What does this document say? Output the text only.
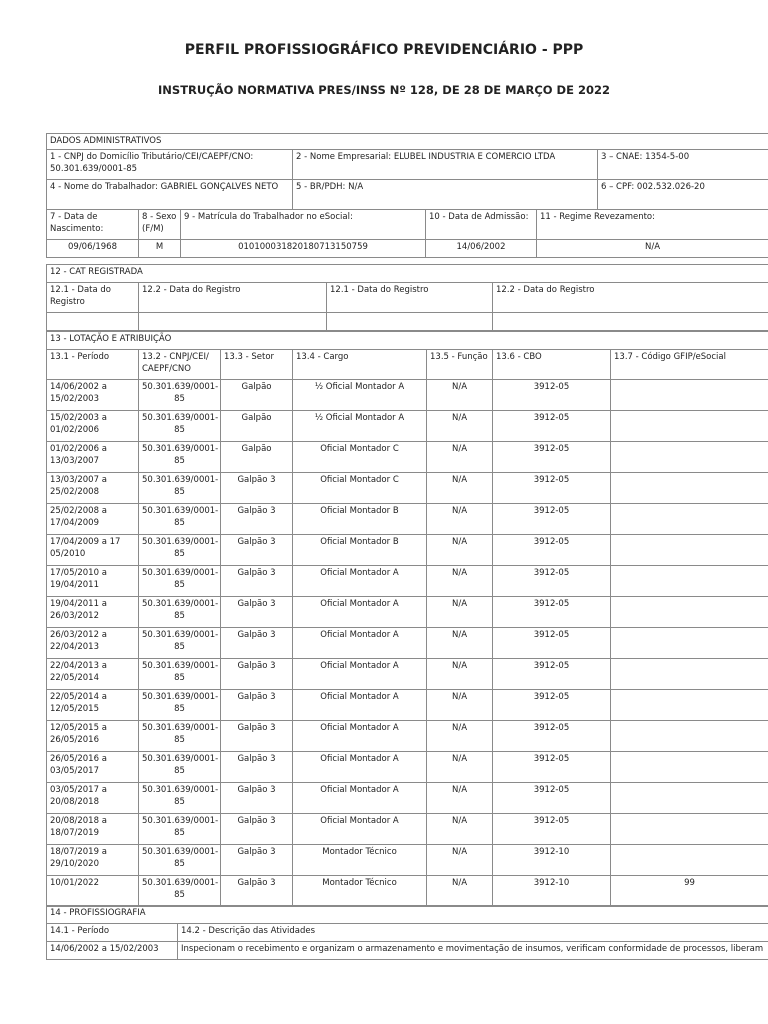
PERFIL PROFISSIOGRÁFICO PREVIDENCIÁRIO - PPP
INSTRUÇÃO NORMATIVA PRES/INSS Nº 128, DE 28 DE MARÇO DE 2022
DADOS ADMINISTRATIVOS						
1 - CNPJ do Domicílio Tributário/CEI/CAEPF/CNO: 50.301.639/0001-85			2 - Nome Empresarial: ELUBEL INDUSTRIA E COMERCIO LTDA			3 – CNAE: 1354-5-00
4 - Nome do Trabalhador: GABRIEL GONÇALVES NETO			5 - BR/PDH: N/A			6 – CPF: 002.532.026-20
7 - Data de Nascimento:	8 - Sexo (F/M)	9 - Matrícula do Trabalhador no eSocial:		10 - Data de Admissão:	11 - Regime Revezamento:	
09/06/1968	M	01010003182018071315075​9		14/06/2002	N/A	
12 - CAT REGISTRADA			
12.1 - Data do Registro	12.2 - Data do Registro	12.1 - Data do Registro	12.2 - Data do Registro

13 - LOTAÇÃO E ATRIBUIÇÃO						
13.1 - Período	13.2 - CNPJ/CEI/ CAEPF/CNO	13.3 - Setor	13.4 - Cargo	13.5 - Função	13.6 - CBO	13.7 - Código GFIP/eSocial
14/06/2002 a 15/02/2003	50.301.639/0001-85	Galpão	½ Oficial Montador A	N/A	3912-05	
15/02/2003 a 01/02/2006	50.301.639/0001-85	Galpão	½ Oficial Montador A	N/A	3912-05	
01/02/2006 a 13/03/2007	50.301.639/0001-85	Galpão	Oficial Montador C	N/A	3912-05	
13/03/2007 a 25/02/2008	50.301.639/0001-85	Galpão 3	Oficial Montador C	N/A	3912-05	
25/02/2008 a 17/04/2009	50.301.639/0001-85	Galpão 3	Oficial Montador B	N/A	3912-05	
17/04/2009 a 17 05/2010	50.301.639/0001-85	Galpão 3	Oficial Montador B	N/A	3912-05	
17/05/2010 a 19/04/2011	50.301.639/0001-85	Galpão 3	Oficial Montador A	N/A	3912-05	
19/04/2011 a 26/03/2012	50.301.639/0001-85	Galpão 3	Oficial Montador A	N/A	3912-05	
26/03/2012 a 22/04/2013	50.301.639/0001-85	Galpão 3	Oficial Montador A	N/A	3912-05	
22/04/2013 a 22/05/2014	50.301.639/0001-85	Galpão 3	Oficial Montador A	N/A	3912-05	
22/05/2014 a 12/05/2015	50.301.639/0001-85	Galpão 3	Oficial Montador A	N/A	3912-05	
12/05/2015 a 26/05/2016	50.301.639/0001-85	Galpão 3	Oficial Montador A	N/A	3912-05	
26/05/2016 a 03/05/2017	50.301.639/0001-85	Galpão 3	Oficial Montador A	N/A	3912-05	
03/05/2017 a 20/08/2018	50.301.639/0001-85	Galpão 3	Oficial Montador A	N/A	3912-05	
20/08/2018 a 18/07/2019	50.301.639/0001-85	Galpão 3	Oficial Montador A	N/A	3912-05	
18/07/2019 a 29/10/2020	50.301.639/0001-85	Galpão 3	Montador Técnico	N/A	3912-10	
10/01/2022	50.301.639/0001-85	Galpão 3	Montador Técnico	N/A	3912-10	99
14 - PROFISSIOGRAFIA	
14.1 - Período	14.2 - Descrição das Atividades
14/06/2002 a 15/02/2003	Inspecionam o recebimento e organizam o armazenamento e movimentação de insumos, verificam conformidade de processos, liberam
